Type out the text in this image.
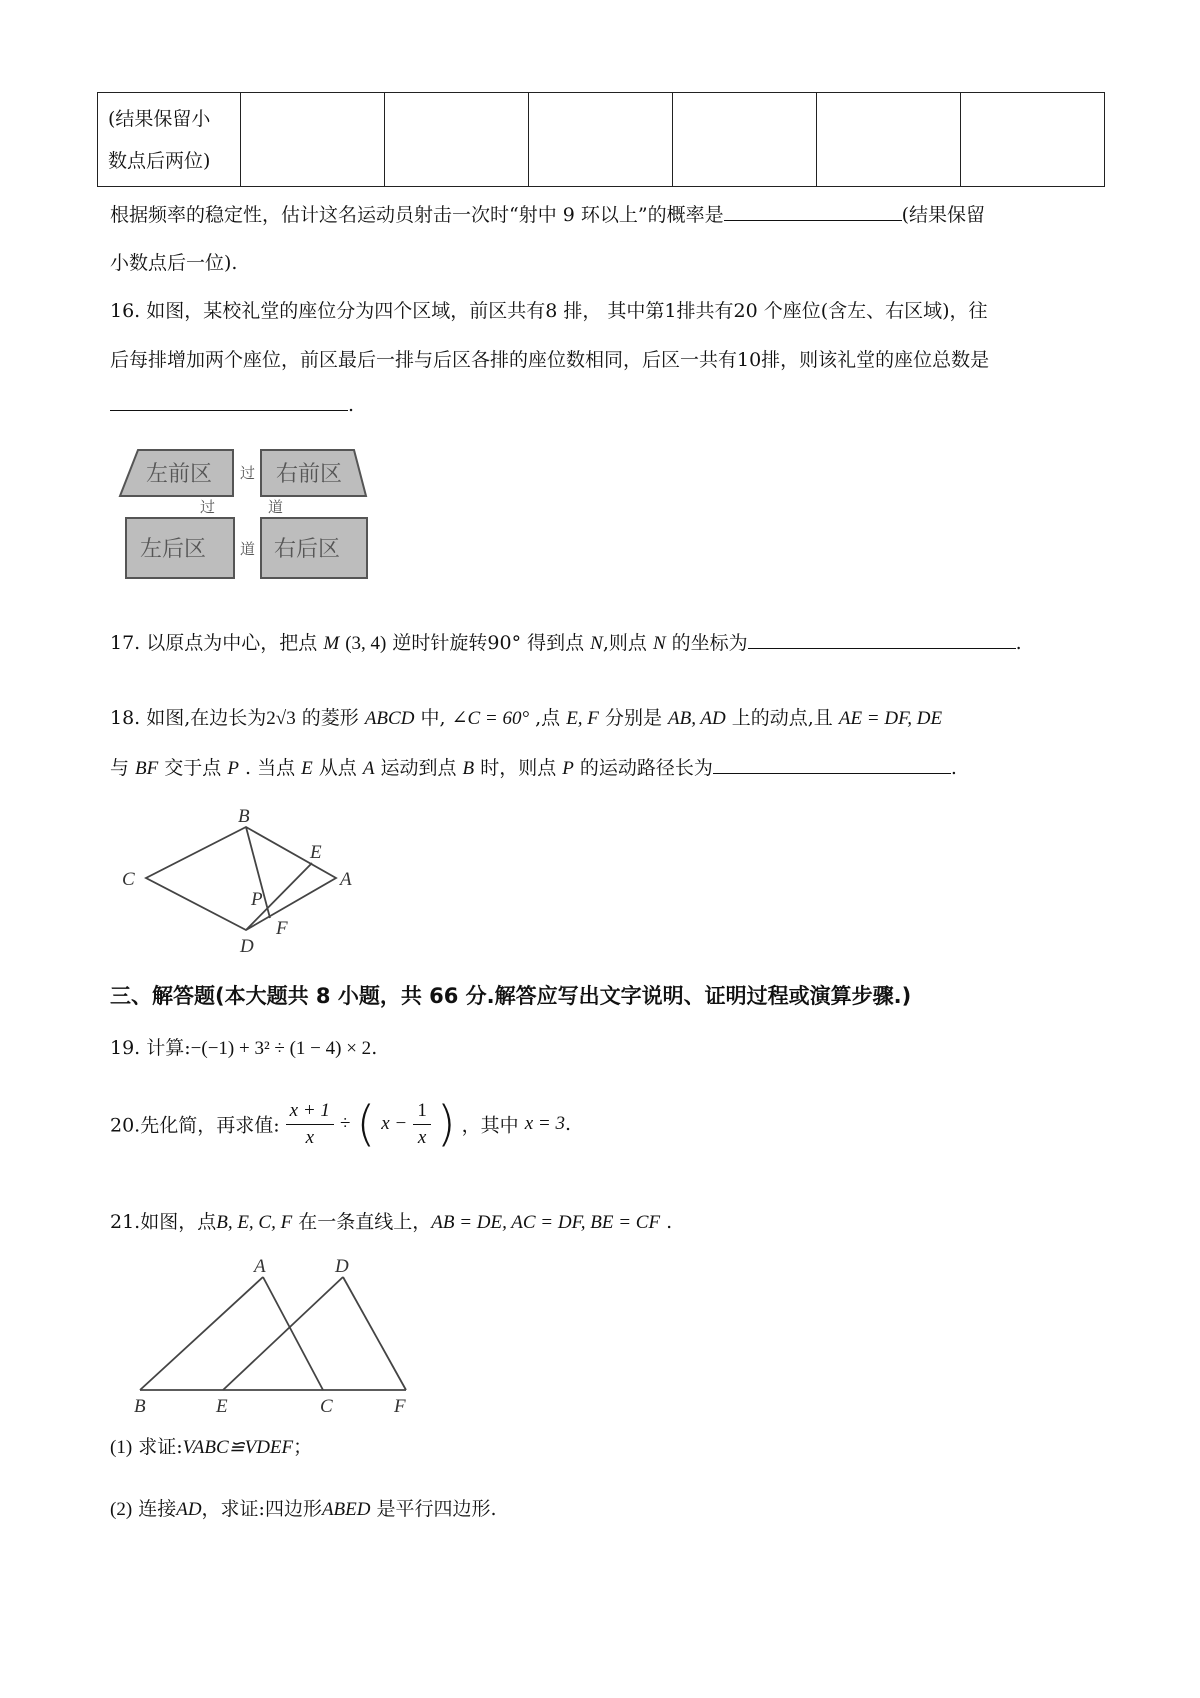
(结果保留小
数点后两位)

根据频率的稳定性，估计这名运动员射击一次时“射中 9 环以上”的概率是	(结果保留
小数点后一位).
16. 如图，某校礼堂的座位分为四个区域，前区共有8 排， 其中第1排共有20 个座位(含左、右区域)，往
后每排增加两个座位，前区最后一排与后区各排的座位数相同，后区一共有10排，则该礼堂的座位总数是
.
左前区	右前区
左后区	右后区
过
过	道
道
17. 以原点为中心，把点 M (3, 4) 逆时针旋转90° 得到点 N,则点 N 的坐标为	.
18. 如图,在边长为2√3 的菱形 ABCD 中, ∠C = 60° ,点 E, F 分别是 AB, AD 上的动点,且 AE = DF, DE
与 BF 交于点 P . 当点 E 从点 A 运动到点 B 时，则点 P 的运动路径长为	.
B
C	A
D
E
F
P
三、解答题(本大题共 8 小题，共 66 分.解答应写出文字说明、证明过程或演算步骤.)
19. 计算:−(−1) + 3² ÷ (1 − 4) × 2.
20.先化简，再求值: $\frac{x + 1}{x}$ ÷ ( $x - \frac{1}{x}$ ) ，其中 x = 3.
21.如图，点B, E, C, F 在一条直线上，AB = DE, AC = DF, BE = CF .
A	D
B	E	C	F
(1) 求证:VABC≌VDEF；
(2) 连接AD，求证:四边形ABED 是平行四边形.
